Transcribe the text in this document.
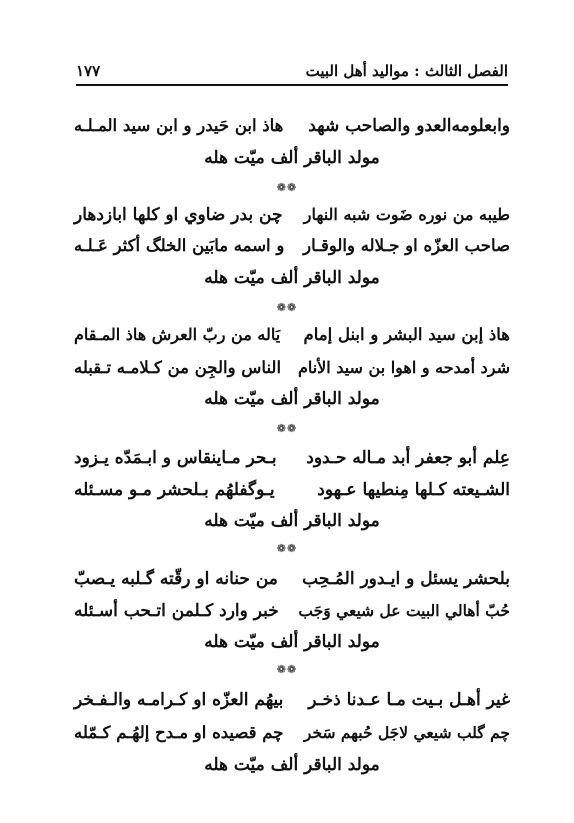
الفصل الثالث : مواليد أهل البيت
١٧٧
وابعلومه‌العدو والصاحب شهد
هاذ ابن حَيدر و ابن سيد المـلـه
مولد الباقر ألف ميّت هله
❁❁
طيبه من نوره ضَوت شبه النهار
چن بدر ضاوي او كلها ابازدهار
صاحب العزّه او جـلاله والوقـار
و اسمه مابَين الخلگ أكثر عَـلـه
مولد الباقر ألف ميّت هله
❁❁
هاذ إبن سيد البشر و ابنل إمام
يَاله من ربّ العرش هاذ المـقام
شرد أمدحه و اهوا بن سيد الأنام
الناس والجِن من كـلامـه تـقبله
مولد الباقر ألف ميّت هله
❁❁
عِلم أبو جعفر أبد مـاله حـدود
بـحر مـاينقاس و ابـمَدّه يـزود
الشـيعته كـلها مِنطيها عـهود
يـوگفلهُم بـلحشر مـو مسـئله
مولد الباقر ألف ميّت هله
❁❁
بلحشر يسئل و ايـدور المُـحِب
من حنانه او رقّته گـلبه يـصبّ
حُبّ أهالي البيت عل شيعي وَجَب
خبر وارد كـلمن اتـحب أسـئله
مولد الباقر ألف ميّت هله
❁❁
غير أهـل بـيت مـا عـدنا ذخـر
بيهُم العزّه او كـرامـه والـفـخر
چم گلب شيعي لاجَل حُبهم سَخر
چم قصيده او مـدح إلهُـم كـمّله
مولد الباقر ألف ميّت هله
